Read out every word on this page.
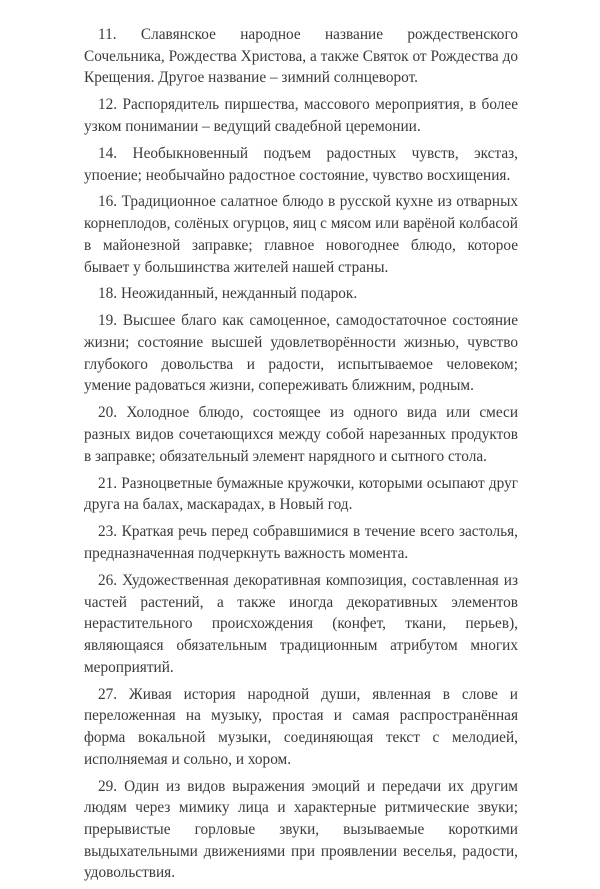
11. Славянское народное название рождественского Сочельника, Рождества Христова, а также Святок от Рождества до Крещения. Другое название – зимний солнцеворот.

12. Распорядитель пиршества, массового мероприятия, в более узком понимании – ведущий свадебной церемонии.

14. Необыкновенный подъем радостных чувств, экстаз, упоение; необычайно радостное состояние, чувство восхищения.

16. Традиционное салатное блюдо в русской кухне из отварных корнеплодов, солёных огурцов, яиц с мясом или варёной колбасой в майонезной заправке; главное новогоднее блюдо, которое бывает у большинства жителей нашей страны.

18. Неожиданный, нежданный подарок.

19. Высшее благо как самоценное, самодостаточное состояние жизни; состояние высшей удовлетворённости жизнью, чувство глубокого довольства и радости, испытываемое человеком; умение радоваться жизни, сопереживать ближним, родным.

20. Холодное блюдо, состоящее из одного вида или смеси разных видов сочетающихся между собой нарезанных продуктов в заправке; обязательный элемент нарядного и сытного стола.

21. Разноцветные бумажные кружочки, которыми осыпают друг друга на балах, маскарадах, в Новый год.

23. Краткая речь перед собравшимися в течение всего застолья, предназначенная подчеркнуть важность момента.

26. Художественная декоративная композиция, составленная из частей растений, а также иногда декоративных элементов нерастительного происхождения (конфет, ткани, перьев), являющаяся обязательным традиционным атрибутом многих мероприятий.

27. Живая история народной души, явленная в слове и переложенная на музыку, простая и самая распространённая форма вокальной музыки, соединяющая текст с мелодией, исполняемая и сольно, и хором.

29. Один из видов выражения эмоций и передачи их другим людям через мимику лица и характерные ритмические звуки; прерывистые горловые звуки, вызываемые короткими выдыхательными движениями при проявлении веселья, радости, удовольствия.
